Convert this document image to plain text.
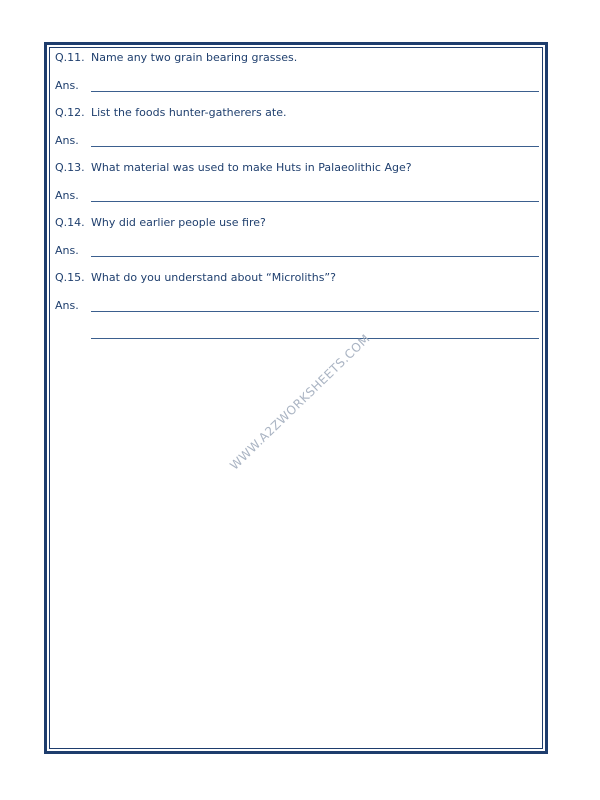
Q.11. Name any two grain bearing grasses.
Ans.
Q.12. List the foods hunter-gatherers ate.
Ans.
Q.13. What material was used to make Huts in Palaeolithic Age?
Ans.
Q.14. Why did earlier people use fire?
Ans.
Q.15. What do you understand about “Microliths”?
Ans.
WWW.A2ZWORKSHEETS.COM
